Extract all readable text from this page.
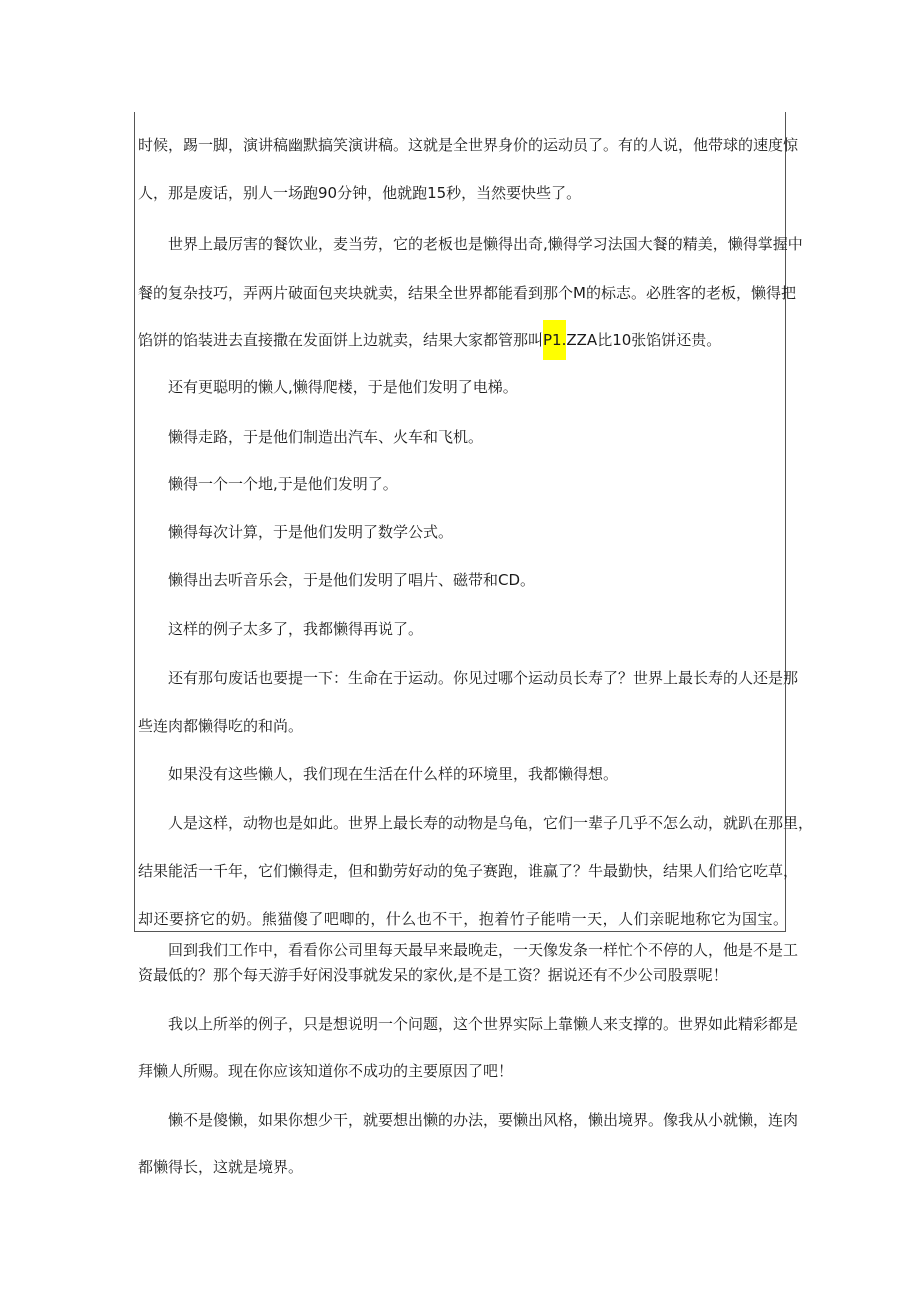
时候，踢一脚，演讲稿幽默搞笑演讲稿。这就是全世界身价的运动员了。有的人说，他带球的速度惊
人，那是废话，别人一场跑90分钟，他就跑15秒，当然要快些了。
世界上最厉害的餐饮业，麦当劳，它的老板也是懒得出奇,懒得学习法国大餐的精美，懒得掌握中
餐的复杂技巧，弄两片破面包夹块就卖，结果全世界都能看到那个M的标志。必胜客的老板，懒得把
馅饼的馅装进去直接撒在发面饼上边就卖，结果大家都管那叫P1.ZZA比10张馅饼还贵。
还有更聪明的懒人,懒得爬楼，于是他们发明了电梯。
懒得走路，于是他们制造出汽车、火车和飞机。
懒得一个一个地,于是他们发明了。
懒得每次计算，于是他们发明了数学公式。
懒得出去听音乐会，于是他们发明了唱片、磁带和CD。
这样的例子太多了，我都懒得再说了。
还有那句废话也要提一下：生命在于运动。你见过哪个运动员长寿了？世界上最长寿的人还是那
些连肉都懒得吃的和尚。
如果没有这些懒人，我们现在生活在什么样的环境里，我都懒得想。
人是这样，动物也是如此。世界上最长寿的动物是乌龟，它们一辈子几乎不怎么动，就趴在那里，
结果能活一千年，它们懒得走，但和勤劳好动的兔子赛跑，谁赢了？牛最勤快，结果人们给它吃草，
却还要挤它的奶。熊猫傻了吧唧的，什么也不干，抱着竹子能啃一天，人们亲昵地称它为国宝。
回到我们工作中，看看你公司里每天最早来最晚走，一天像发条一样忙个不停的人，他是不是工
资最低的？那个每天游手好闲没事就发呆的家伙,是不是工资？据说还有不少公司股票呢！
我以上所举的例子，只是想说明一个问题，这个世界实际上靠懒人来支撑的。世界如此精彩都是
拜懒人所赐。现在你应该知道你不成功的主要原因了吧！
懒不是傻懒，如果你想少干，就要想出懒的办法，要懒出风格，懒出境界。像我从小就懒，连肉
都懒得长，这就是境界。
